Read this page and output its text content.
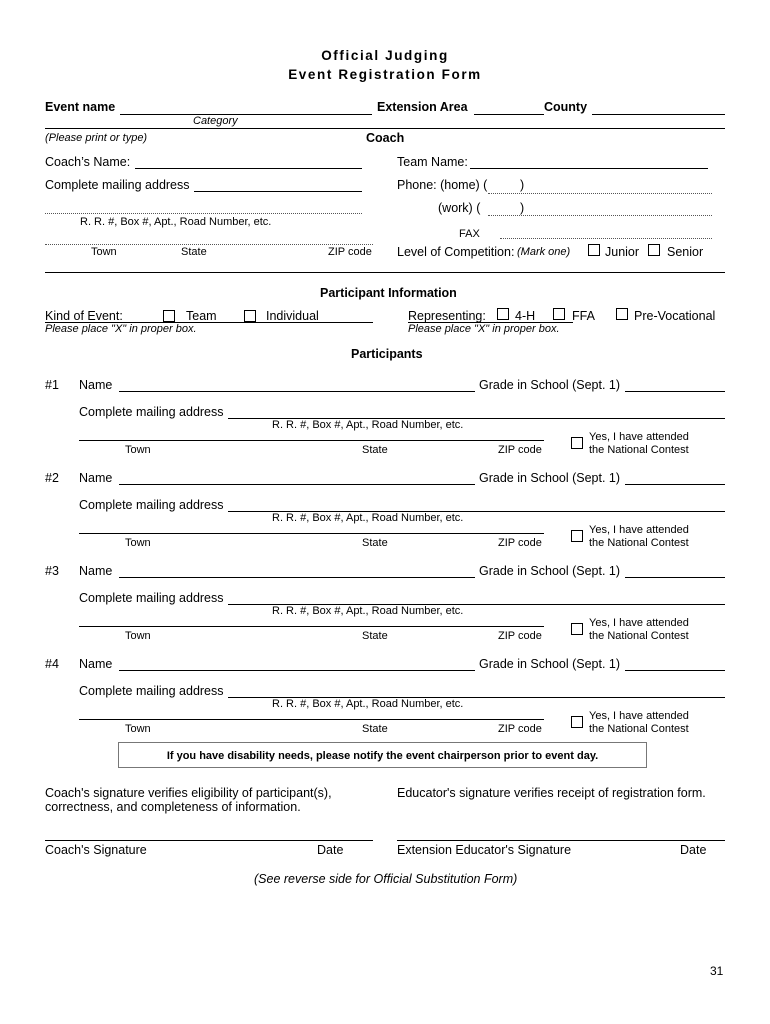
Official Judging
Event Registration Form
Event name	Extension Area	County
Category
(Please print or type)	Coach
Coach’s Name:
Complete mailing address
R. R. #, Box #, Apt., Road Number, etc.
Town	State	ZIP code
Team Name:
Phone: (home) (	)
(work) (	)
FAX
Level of Competition: (Mark one)	Junior Senior
Participant Information
Kind of Event:	Team	Individual
Please place "X" in proper box.
Representing: 4-H	FFA	Pre-Vocational
Please place "X" in proper box.
Participants
#1 Name	Grade in School (Sept. 1)
Complete mailing address
R. R. #, Box #, Apt., Road Number, etc.
Town	State	ZIP code
Yes, I have attended
the National Contest
#2 Name	Grade in School (Sept. 1)
Complete mailing address
R. R. #, Box #, Apt., Road Number, etc.
Town	State	ZIP code
Yes, I have attended
the National Contest
#3 Name	Grade in School (Sept. 1)
Complete mailing address
R. R. #, Box #, Apt., Road Number, etc.
Town	State	ZIP code
Yes, I have attended
the National Contest
#4 Name	Grade in School (Sept. 1)
Complete mailing address
R. R. #, Box #, Apt., Road Number, etc.
Town	State	ZIP code
Yes, I have attended
the National Contest
If you have disability needs, please notify the event chairperson prior to event day.
Coach's signature verifies eligibility of participant(s),
correctness, and completeness of information.
Educator's signature verifies receipt of registration form.
Coach's Signature	Date	Extension Educator's Signature	Date
(See reverse side for Official Substitution Form)
31
